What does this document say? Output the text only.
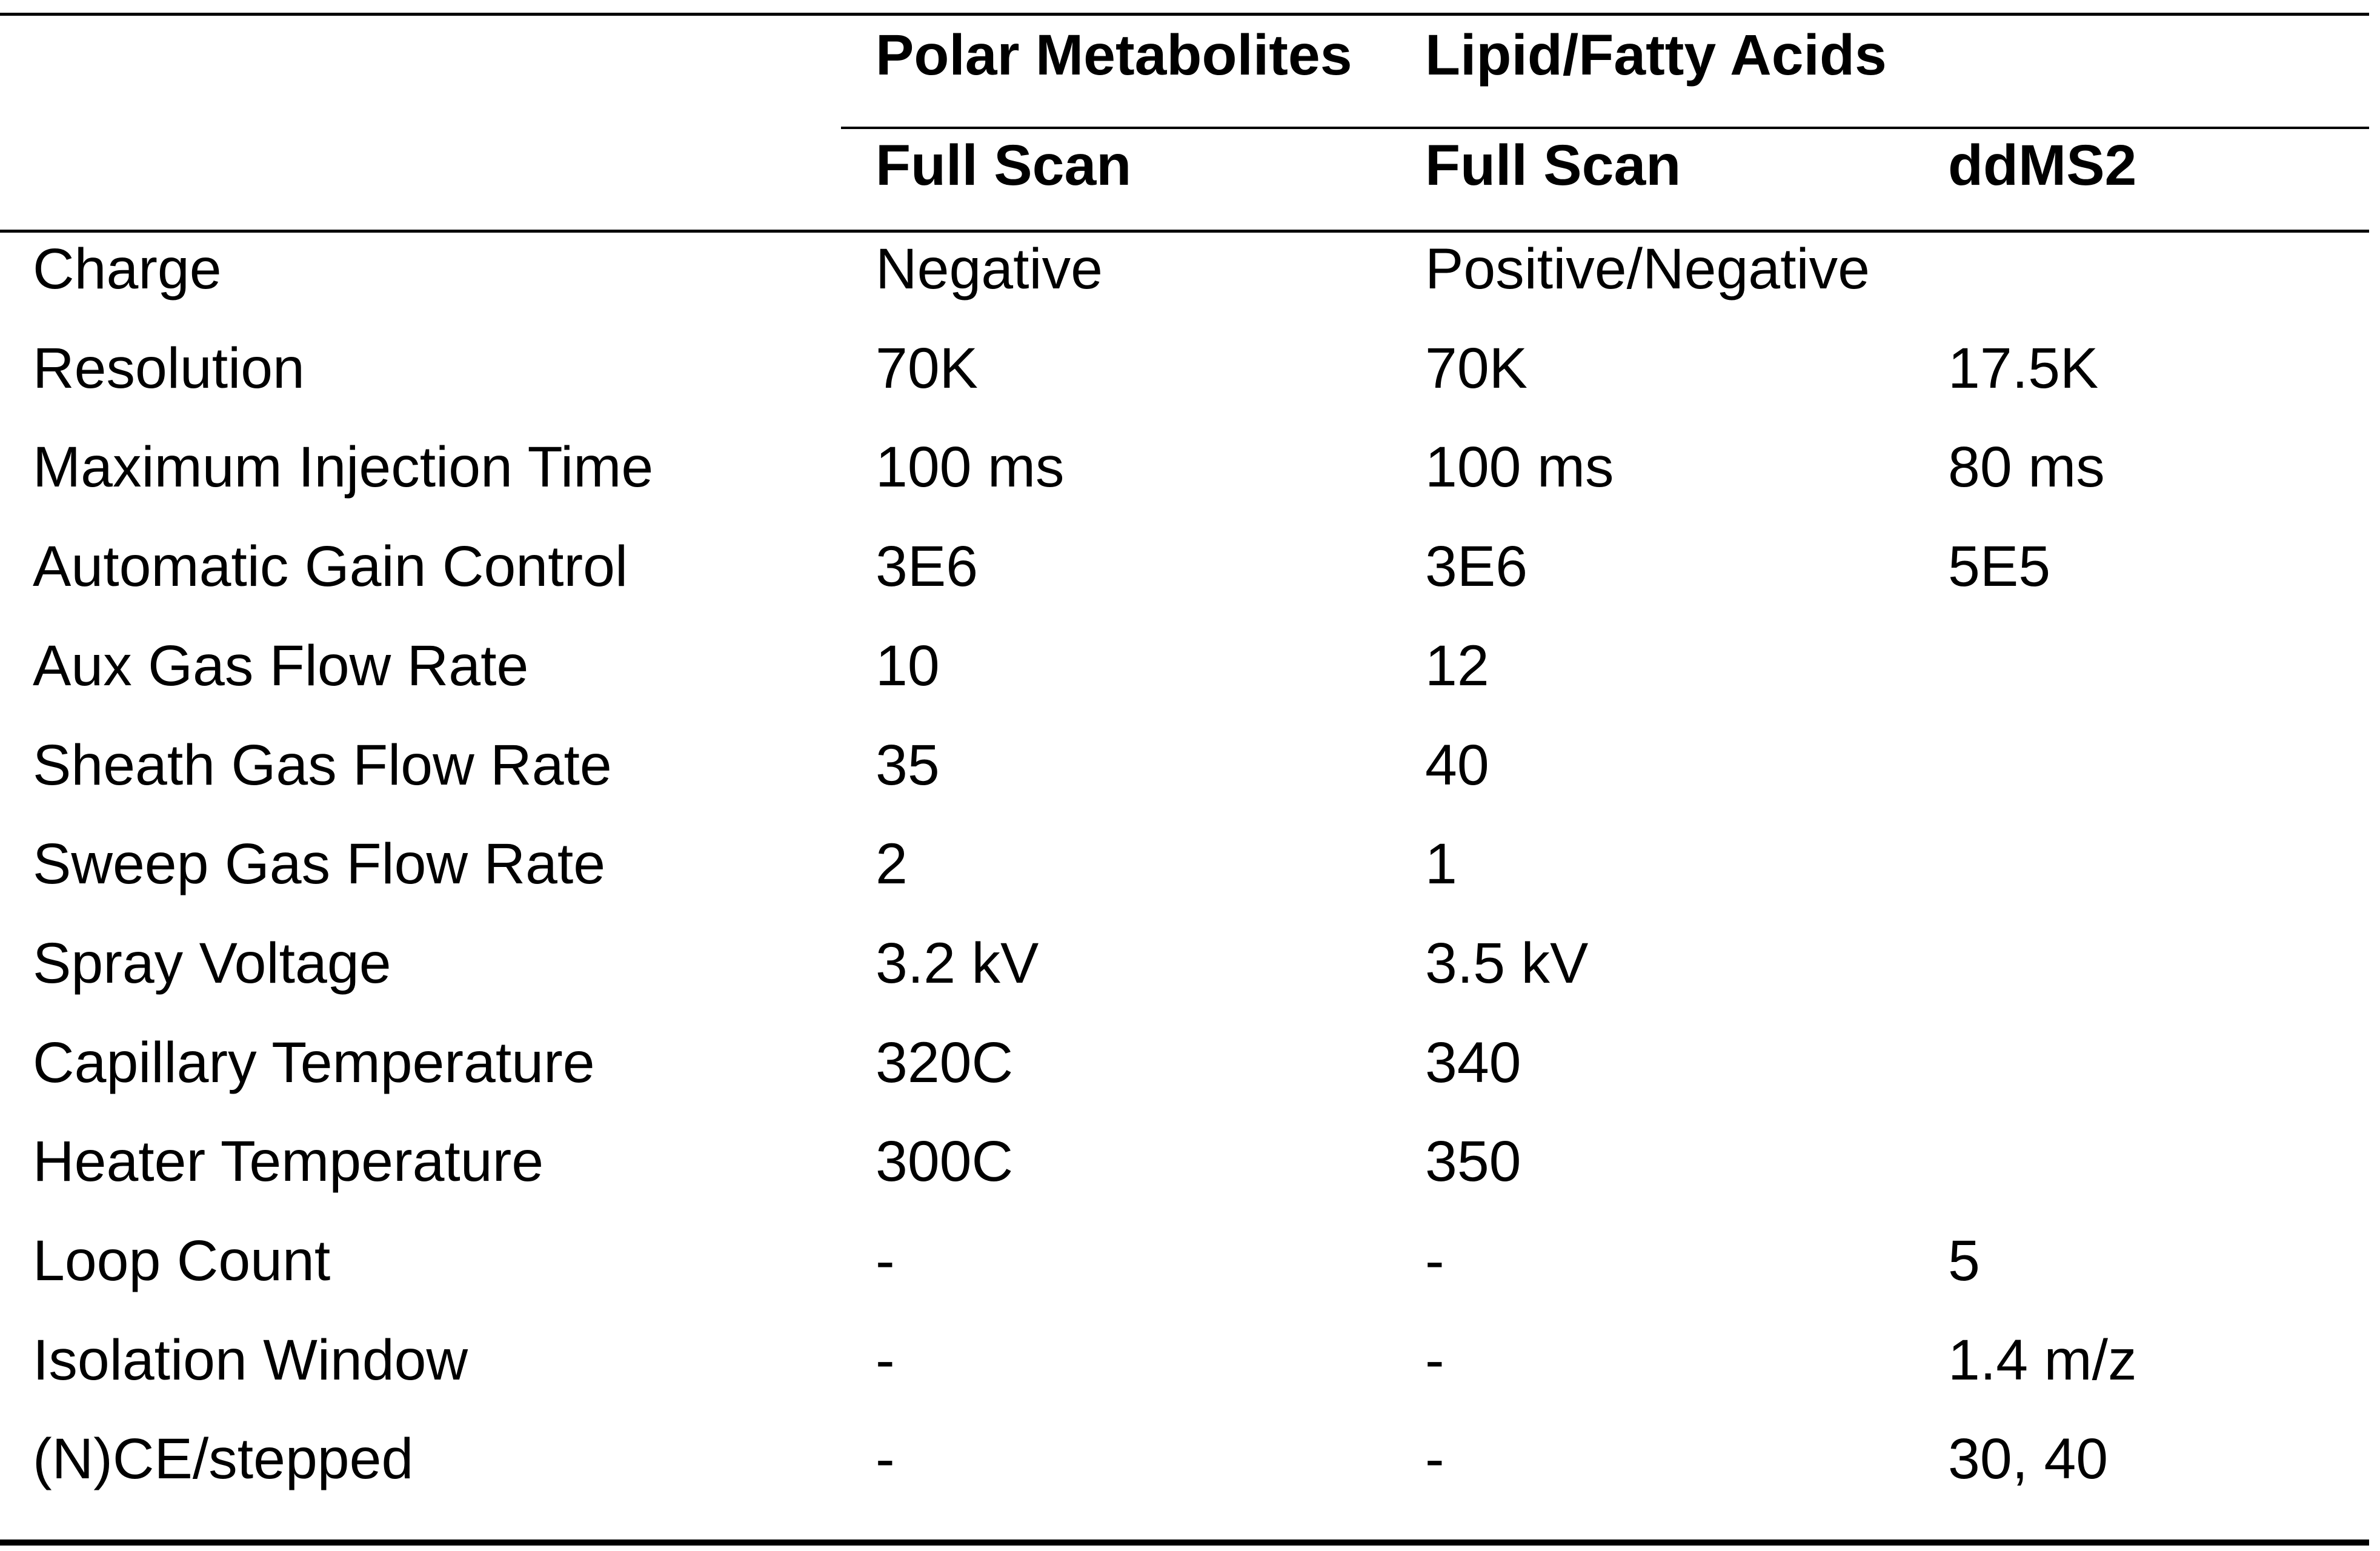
Polar Metabolites Lipid/Fatty Acids
Full Scan	Full Scan	ddMS2
Charge	Negative	Positive/Negative
Resolution	70K	70K	17.5K
Maximum Injection Time	100 ms	100 ms	80 ms
Automatic Gain Control	3E6	3E6	5E5
Aux Gas Flow Rate	10	12
Sheath Gas Flow Rate	35	40
Sweep Gas Flow Rate	2	1
Spray Voltage	3.2 kV	3.5 kV
Capillary Temperature	320C	340
Heater Temperature	300C	350
Loop Count	-	-	5
Isolation Window	-	-	1.4 m/z
(N)CE/stepped	-	-	30, 40
